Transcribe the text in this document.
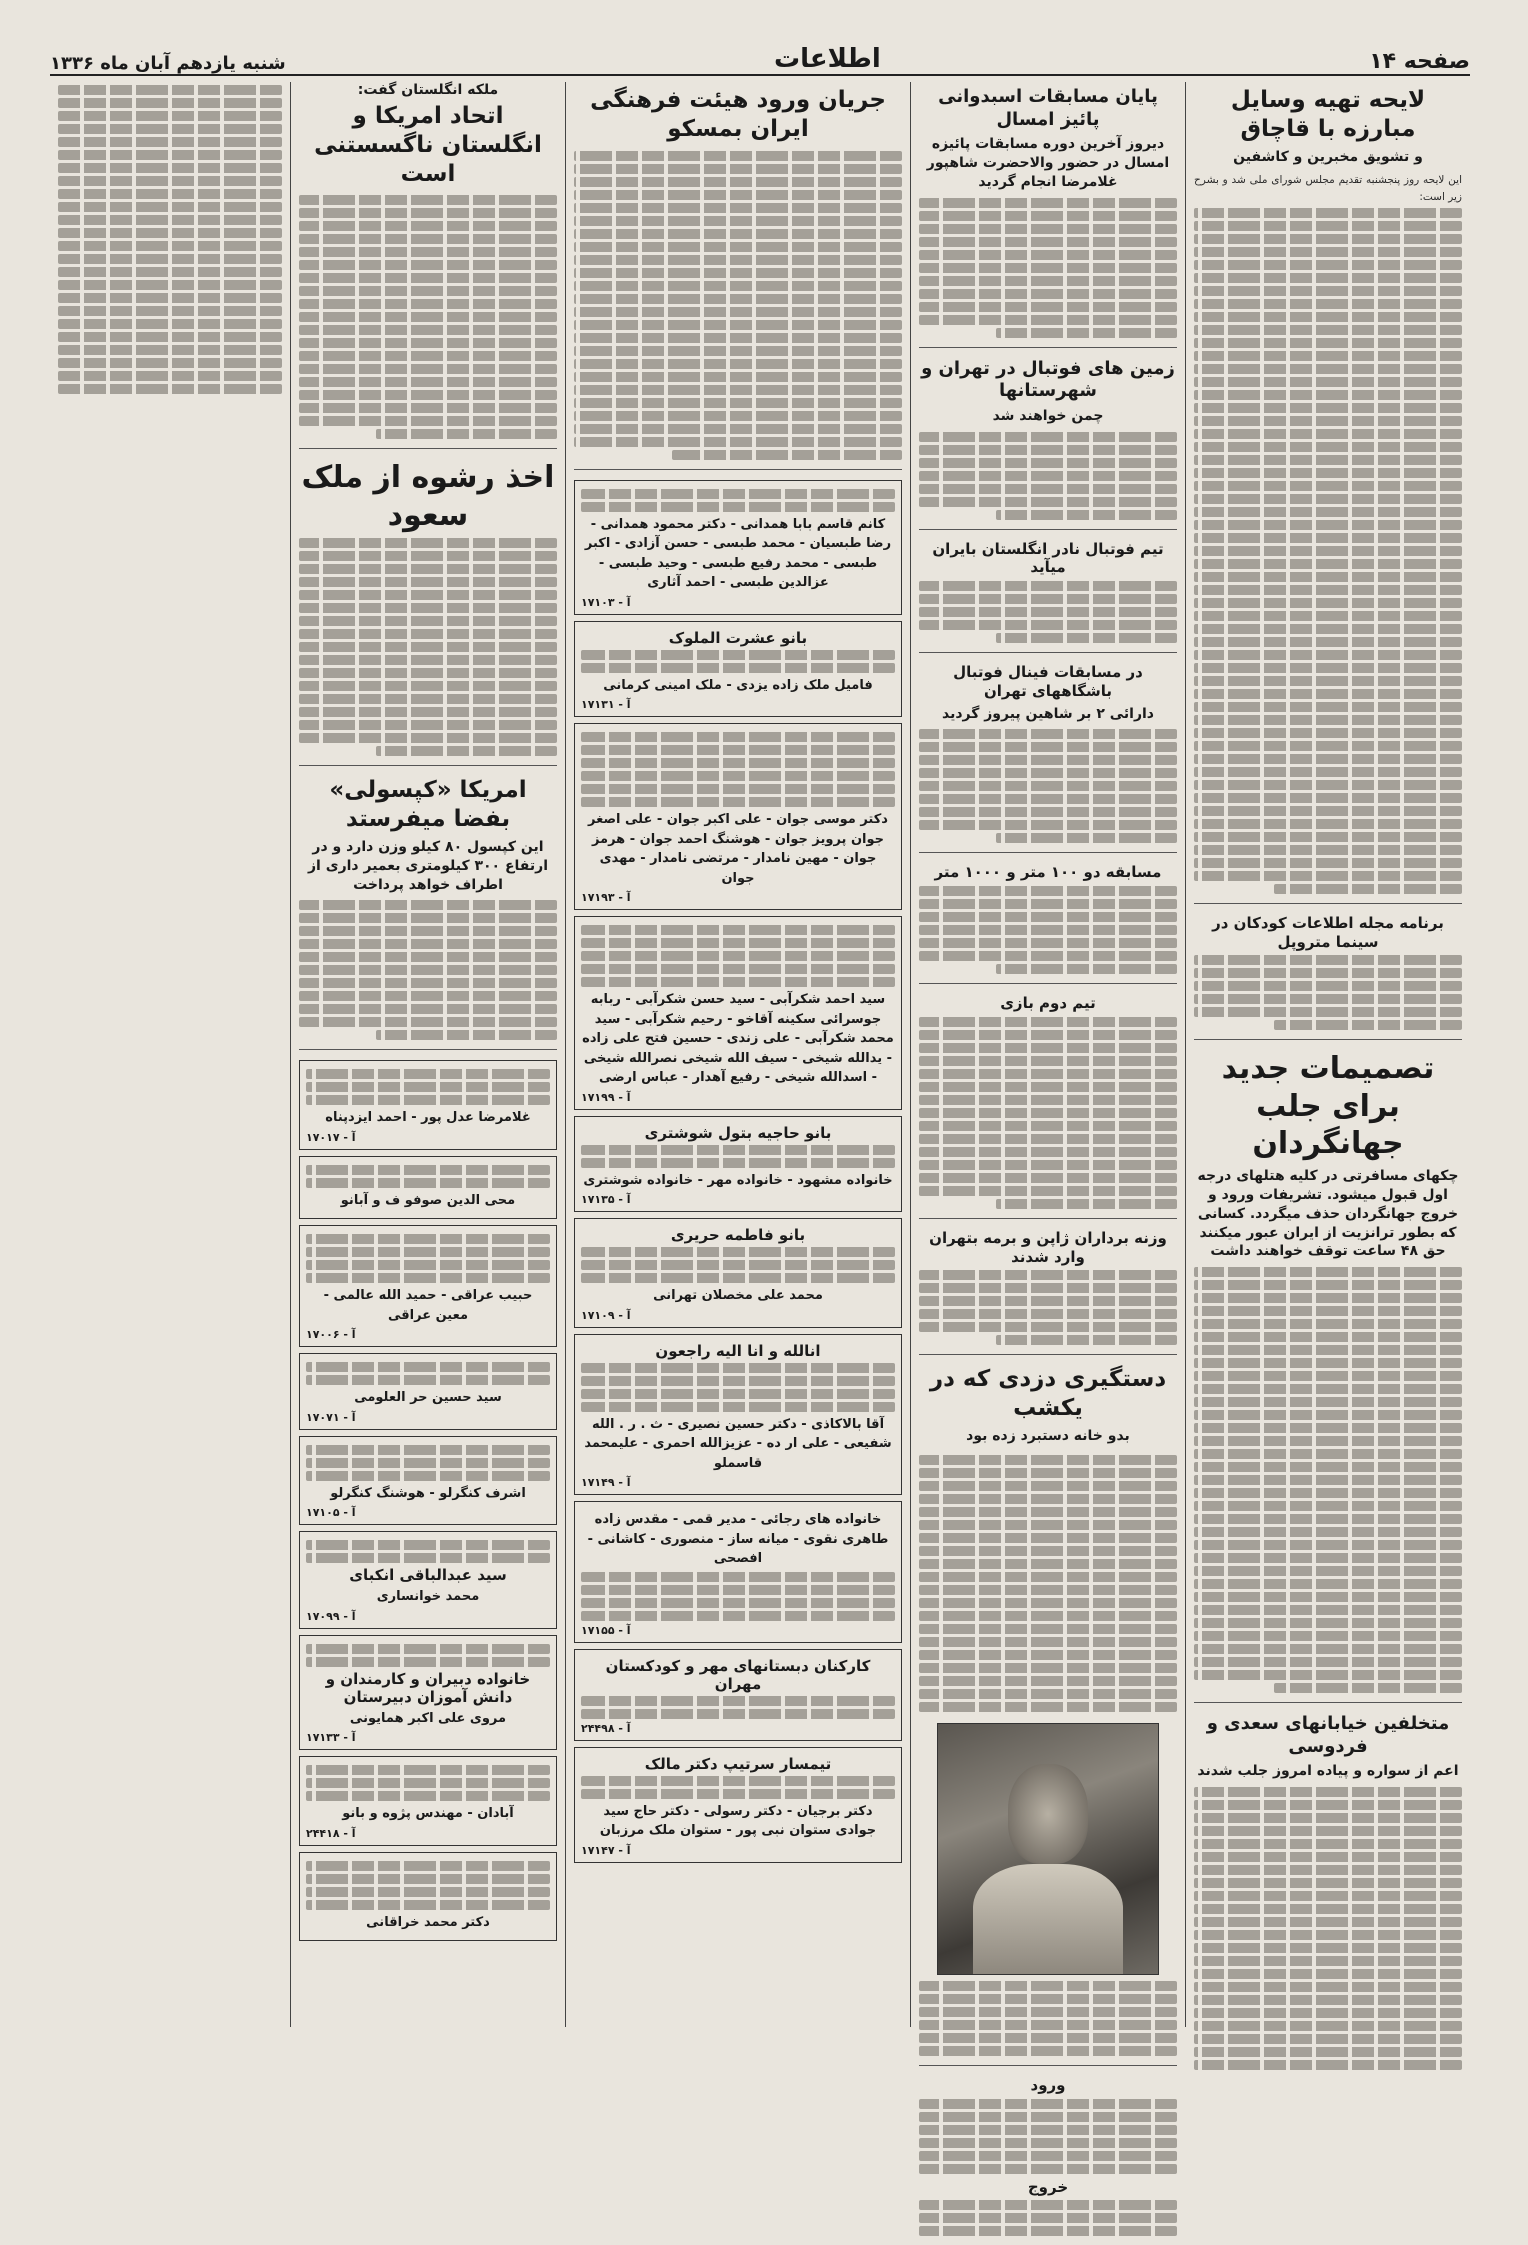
صفحه ۱۴
اطلاعات
شنبه یازدهم آبان ماه ۱۳۳۶
لایحه تهیه وسایل مبارزه با قاچاق
و تشویق مخبرین و کاشفین
این لایحه روز پنجشنبه تقدیم مجلس شورای ملی شد و بشرح زیر است:
برنامه مجله اطلاعات کودکان در سینما متروپل
تصمیمات جدید برای جلب جهانگردان
چکهای مسافرتی در کلیه هتلهای درجه اول قبول میشود. تشریفات ورود و خروج جهانگردان حذف میگردد. کسانی که بطور ترانزیت از ایران عبور میکنند حق ۴۸ ساعت توقف خواهند داشت
متخلفین خیابانهای سعدی و فردوسی
اعم از سواره و پیاده امروز جلب شدند
پایان مسابقات اسبدوانی پائیز امسال
دیروز آخرین دوره مسابقات پائیزه امسال در حضور والاحضرت شاهپور غلامرضا انجام گردید
زمین های فوتبال در تهران و شهرستانها
چمن خواهند شد
تیم فوتبال نادر انگلستان بایران میآید
در مسابقات فینال فوتبال باشگاههای تهران
دارائی ۲ بر شاهین پیروز گردید
مسابقه دو ۱۰۰ متر و ۱۰۰۰ متر
تیم دوم بازی
وزنه برداران ژاپن و برمه بتهران وارد شدند
دستگیری دزدی که در یکشب
بدو خانه دستبرد زده بود
ورود
خروج
جریان ورود هیئت فرهنگی ایران بمسکو
کانم قاسم بابا همدانی - دکتر محمود همدانی - رضا طبسیان - محمد طبسی - حسن آزادی - اکبر طبسی - محمد رفیع طبسی - وحید طبسی - عزالدین طبسی - احمد آثاری
آ - ۱۷۱۰۳
بانو عشرت الملوک
فامیل ملک زاده یزدی - ملک امینی کرمانی
آ - ۱۷۱۳۱
دکتر موسی جوان - علی اکبر جوان - علی اصغر جوان پرویز جوان - هوشنگ احمد جوان - هرمز جوان - مهین نامدار - مرتضی نامدار - مهدی جوان
آ - ۱۷۱۹۳
سید احمد شکرآبی - سید حسن شکرآبی - ربابه جوسرائی سکینه آقاخو - رحیم شکرآبی - سید محمد شکرآبی - علی زندی - حسین فتح علی زاده - یدالله شیخی - سیف الله شیخی نصرالله شیخی - اسدالله شیخی - رفیع آهدار - عباس ارضی
آ - ۱۷۱۹۹
بانو حاجیه بتول شوشتری
خانواده مشهود - خانواده مهر - خانواده شوشتری
آ - ۱۷۱۳۵
بانو فاطمه حریری
محمد علی مخصلان تهرانی
آ - ۱۷۱۰۹
انالله و انا الیه راجعون
آقا بالاکاذی - دکتر حسین نصیری - ث . ر . الله شفیعی - علی ار ده - عزیزالله احمری - علیمحمد قاسملو
آ - ۱۷۱۴۹
خانواده های رجائی - مدیر قمی - مقدس زاده طاهری نقوی - میانه ساز - منصوری - کاشانی - افصحی
آ - ۱۷۱۵۵
کارکنان دبستانهای مهر و کودکستان مهران
آ - ۲۴۴۹۸
تیمسار سرتیپ دکتر مالک
دکتر برجیان - دکتر رسولی - دکتر حاج سید جوادی ستوان نبی پور - ستوان ملک مرزبان
آ - ۱۷۱۴۷
ملکه انگلستان گفت:
اتحاد امریکا و انگلستان ناگسستنی است
اخذ رشوه از ملک سعود
امریکا «کپسولی» بفضا میفرستد
این کپسول ۸۰ کیلو وزن دارد و در ارتفاع ۳۰۰ کیلومتری بعمیر داری از اطراف خواهد پرداخت
غلامرضا عدل پور - احمد ایزدپناه
آ - ۱۷۰۱۷
محی الدین صوفو ف و آبانو
حبیب عراقی - حمید الله عالمی - معین عراقی
آ - ۱۷۰۰۶
سید حسین حر العلومی
آ - ۱۷۰۷۱
اشرف کنگرلو - هوشنگ کنگرلو
آ - ۱۷۱۰۵
سید عبدالباقی انکبای
محمد خوانساری
آ - ۱۷۰۹۹
خانواده دبیران و کارمندان و دانش آموزان دبیرستان
مروی علی اکبر همایونی
آ - ۱۷۱۳۳
آبادان - مهندس پژوه و بانو
آ - ۲۴۴۱۸
دکتر محمد خراقانی
